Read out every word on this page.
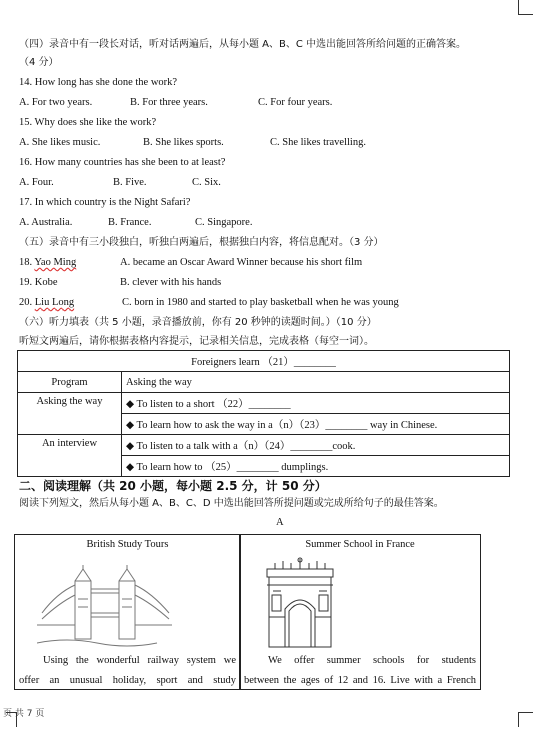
（四）录音中有一段长对话，听对话两遍后，从每小题 A、B、C 中选出能回答所给问题的正确答案。
（4 分）
14. How long has she done the work?
A. For two years.	B. For three years.	C. For four years.
15. Why does she like the work?
A. She likes music.	B. She likes sports.	C. She likes travelling.
16. How many countries has she been to at least?
A. Four.	B. Five.	C. Six.
17. In which country is the Night Safari?
A. Australia.	B. France.	C. Singapore.
（五）录音中有三小段独白，听独白两遍后，根据独白内容，将信息配对。（3 分）
18. Yao Ming	A. became an Oscar Award Winner because his short film
19. Kobe	B. clever with his hands
20. Liu Long	C. born in 1980 and started to play basketball when he was young
（六）听力填表（共 5 小题，录音播放前，你有 20 秒钟的读题时间。）（10 分）
听短文两遍后，请你根据表格内容提示，记录相关信息，完成表格（每空一词）。
Foreigners learn （21）________	
Program	Asking the way
Asking the way	◆ To listen to a short （22）________
	◆ To learn how to ask the way in a（n）（23）________ way in Chinese.
An interview	◆ To listen to a talk with a（n）（24）________cook.
	◆ To learn how to （25）________ dumplings.
二、阅读理解（共 20 小题，每小题 2.5 分，计 50 分）
阅读下列短文，然后从每小题 A、B、C、D 中选出能回答所提问题或完成所给句子的最佳答案。
A
British Study Tours
Using the wonderful railway system we
offer an unusual holiday, sport and study
Summer School in France
We offer summer schools for students
between the ages of 12 and 16. Live with a French
页 共 7 页
